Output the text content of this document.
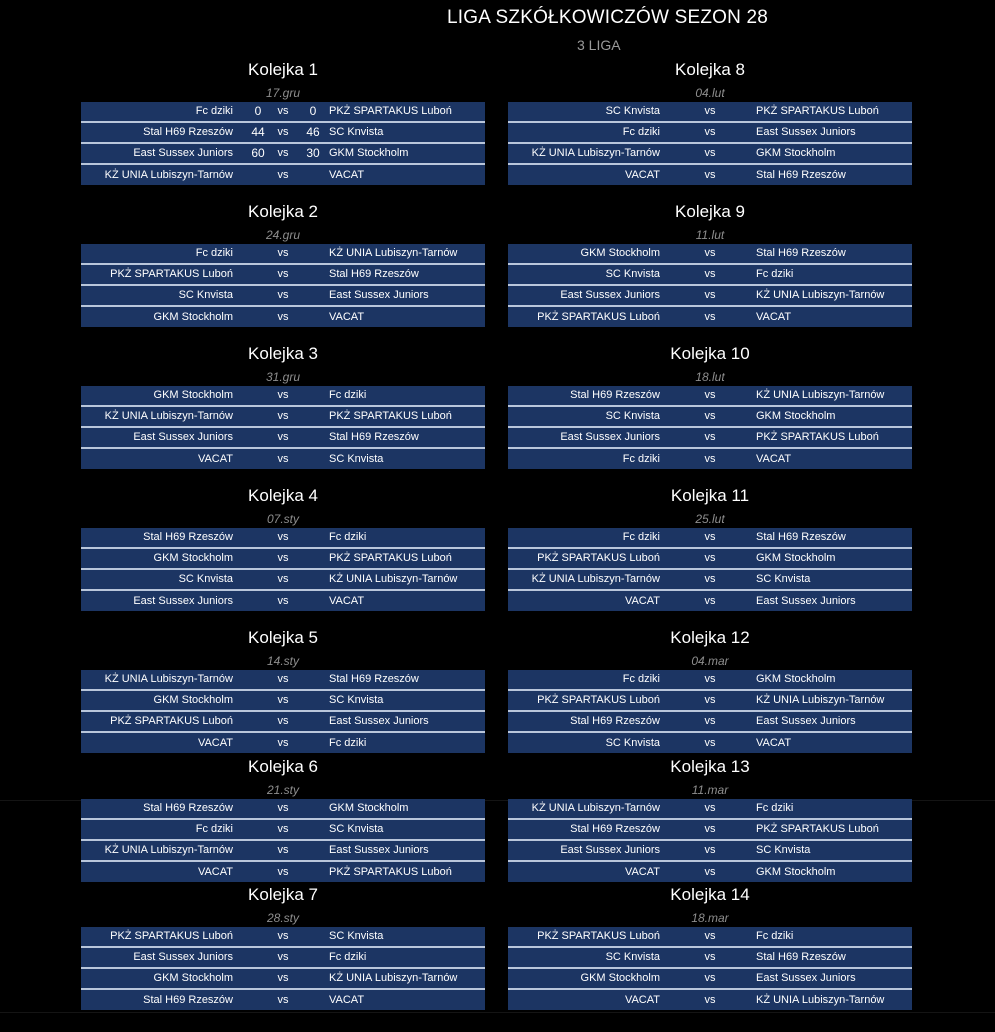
LIGA SZKÓŁKOWICZÓW SEZON 28
3 LIGA
Kolejka 1
17.gru
Fc dziki	0	vs	0	PKŻ SPARTAKUS Luboń
Stal H69 Rzeszów	44	vs	46 SC Knvista
East Sussex Juniors	60	vs	30 GKM Stockholm
KŻ UNIA Lubiszyn-Tarnów	vs	VACAT
Kolejka 2
24.gru
Fc dziki	vs	KŻ UNIA Lubiszyn-Tarnów
PKŻ SPARTAKUS Luboń	vs	Stal H69 Rzeszów
SC Knvista	vs	East Sussex Juniors
GKM Stockholm	vs	VACAT
Kolejka 3
31.gru
GKM Stockholm	vs	Fc dziki
KŻ UNIA Lubiszyn-Tarnów	vs	PKŻ SPARTAKUS Luboń
East Sussex Juniors	vs	Stal H69 Rzeszów
VACAT	vs	SC Knvista
Kolejka 4
07.sty
Stal H69 Rzeszów	vs	Fc dziki
GKM Stockholm	vs	PKŻ SPARTAKUS Luboń
SC Knvista	vs	KŻ UNIA Lubiszyn-Tarnów
East Sussex Juniors	vs	VACAT
Kolejka 5
14.sty
KŻ UNIA Lubiszyn-Tarnów	vs	Stal H69 Rzeszów
GKM Stockholm	vs	SC Knvista
PKŻ SPARTAKUS Luboń	vs	East Sussex Juniors
VACAT	vs	Fc dziki
Kolejka 6
21.sty
Stal H69 Rzeszów	vs	GKM Stockholm
Fc dziki	vs	SC Knvista
KŻ UNIA Lubiszyn-Tarnów	vs	East Sussex Juniors
VACAT	vs	PKŻ SPARTAKUS Luboń
Kolejka 7
28.sty
PKŻ SPARTAKUS Luboń	vs	SC Knvista
East Sussex Juniors	vs	Fc dziki
GKM Stockholm	vs	KŻ UNIA Lubiszyn-Tarnów
Stal H69 Rzeszów	vs	VACAT
Kolejka 8
04.lut
SC Knvista	vs	PKŻ SPARTAKUS Luboń
Fc dziki	vs	East Sussex Juniors
KŻ UNIA Lubiszyn-Tarnów	vs	GKM Stockholm
VACAT	vs	Stal H69 Rzeszów
Kolejka 9
11.lut
GKM Stockholm	vs	Stal H69 Rzeszów
SC Knvista	vs	Fc dziki
East Sussex Juniors	vs	KŻ UNIA Lubiszyn-Tarnów
PKŻ SPARTAKUS Luboń	vs	VACAT
Kolejka 10
18.lut
Stal H69 Rzeszów	vs	KŻ UNIA Lubiszyn-Tarnów
SC Knvista	vs	GKM Stockholm
East Sussex Juniors	vs	PKŻ SPARTAKUS Luboń
Fc dziki	vs	VACAT
Kolejka 11
25.lut
Fc dziki	vs	Stal H69 Rzeszów
PKŻ SPARTAKUS Luboń	vs	GKM Stockholm
KŻ UNIA Lubiszyn-Tarnów	vs	SC Knvista
VACAT	vs	East Sussex Juniors
Kolejka 12
04.mar
Fc dziki	vs	GKM Stockholm
PKŻ SPARTAKUS Luboń	vs	KŻ UNIA Lubiszyn-Tarnów
Stal H69 Rzeszów	vs	East Sussex Juniors
SC Knvista	vs	VACAT
Kolejka 13
11.mar
KŻ UNIA Lubiszyn-Tarnów	vs	Fc dziki
Stal H69 Rzeszów	vs	PKŻ SPARTAKUS Luboń
East Sussex Juniors	vs	SC Knvista
VACAT	vs	GKM Stockholm
Kolejka 14
18.mar
PKŻ SPARTAKUS Luboń	vs	Fc dziki
SC Knvista	vs	Stal H69 Rzeszów
GKM Stockholm	vs	East Sussex Juniors
VACAT	vs	KŻ UNIA Lubiszyn-Tarnów
